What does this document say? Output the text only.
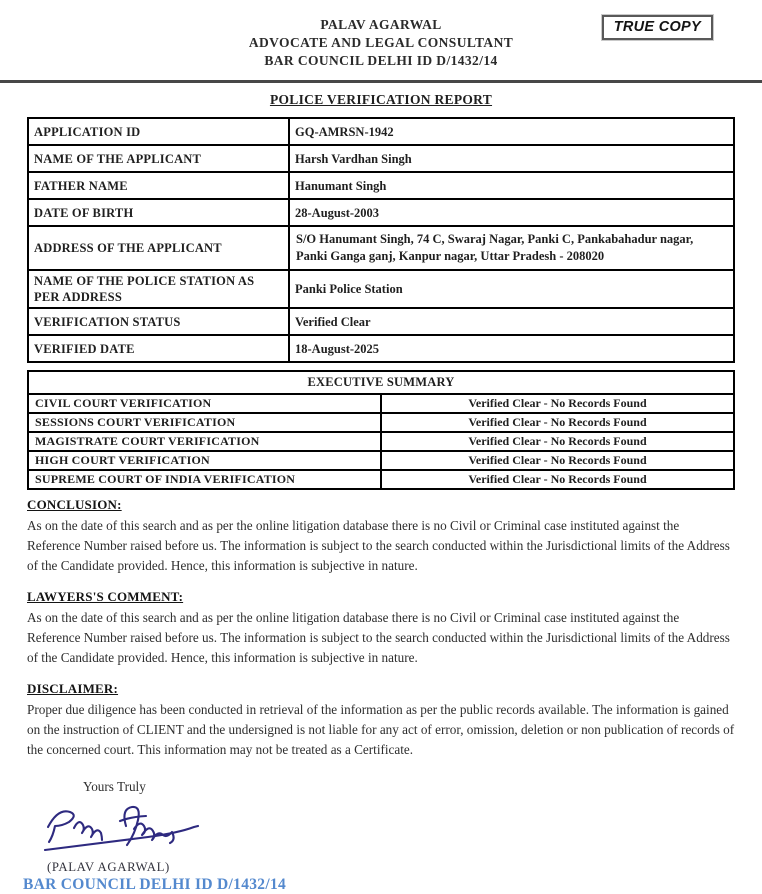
TRUE COPY
PALAV AGARWAL
ADVOCATE AND LEGAL CONSULTANT
BAR COUNCIL DELHI ID D/1432/14
POLICE VERIFICATION REPORT
APPLICATION ID	GQ-AMRSN-1942
NAME OF THE APPLICANT	Harsh Vardhan Singh
FATHER NAME	Hanumant Singh
DATE OF BIRTH	28-August-2003
ADDRESS OF THE APPLICANT	S/O Hanumant Singh, 74 C, Swaraj Nagar, Panki C, Pankabahadur nagar, Panki Ganga ganj, Kanpur nagar, Uttar Pradesh - 208020
NAME OF THE POLICE STATION AS PER ADDRESS	Panki Police Station
VERIFICATION STATUS	Verified Clear
VERIFIED DATE	18-August-2025
EXECUTIVE SUMMARY	
CIVIL COURT VERIFICATION	Verified Clear - No Records Found
SESSIONS COURT VERIFICATION	Verified Clear - No Records Found
MAGISTRATE COURT VERIFICATION	Verified Clear - No Records Found
HIGH COURT VERIFICATION	Verified Clear - No Records Found
SUPREME COURT OF INDIA VERIFICATION	Verified Clear - No Records Found
CONCLUSION:

As on the date of this search and as per the online litigation database there is no Civil or Criminal case instituted against the Reference Number raised before us. The information is subject to the search conducted within the Jurisdictional limits of the Address of the Candidate provided. Hence, this information is subjective in nature.

LAWYERS'S COMMENT:

As on the date of this search and as per the online litigation database there is no Civil or Criminal case instituted against the Reference Number raised before us. The information is subject to the search conducted within the Jurisdictional limits of the Address of the Candidate provided. Hence, this information is subjective in nature.

DISCLAIMER:

Proper due diligence has been conducted in retrieval of the information as per the public records available. The information is gained on the instruction of CLIENT and the undersigned is not liable for any act of error, omission, deletion or non publication of records of the concerned court. This information may not be treated as a Certificate.

Yours Truly
(PALAV AGARWAL)
BAR COUNCIL DELHI ID D/1432/14
